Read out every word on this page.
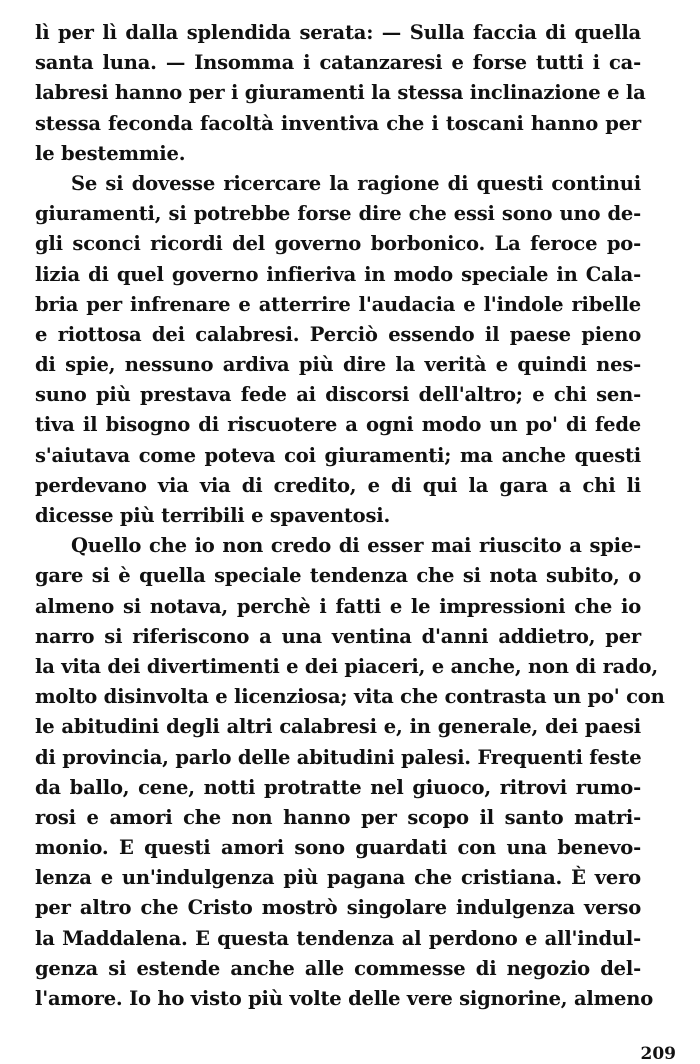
lì per lì dalla splendida serata: — Sulla faccia di quella
santa luna. — Insomma i catanzaresi e forse tutti i ca-
labresi hanno per i giuramenti la stessa inclinazione e la
stessa feconda facoltà inventiva che i toscani hanno per
le bestemmie.
Se si dovesse ricercare la ragione di questi continui
giuramenti, si potrebbe forse dire che essi sono uno de-
gli sconci ricordi del governo borbonico. La feroce po-
lizia di quel governo infieriva in modo speciale in Cala-
bria per infrenare e atterrire l'audacia e l'indole ribelle
e riottosa dei calabresi. Perciò essendo il paese pieno
di spie, nessuno ardiva più dire la verità e quindi nes-
suno più prestava fede ai discorsi dell'altro; e chi sen-
tiva il bisogno di riscuotere a ogni modo un po' di fede
s'aiutava come poteva coi giuramenti; ma anche questi
perdevano via via di credito, e di qui la gara a chi li
dicesse più terribili e spaventosi.
Quello che io non credo di esser mai riuscito a spie-
gare si è quella speciale tendenza che si nota subito, o
almeno si notava, perchè i fatti e le impressioni che io
narro si riferiscono a una ventina d'anni addietro, per
la vita dei divertimenti e dei piaceri, e anche, non di rado,
molto disinvolta e licenziosa; vita che contrasta un po' con
le abitudini degli altri calabresi e, in generale, dei paesi
di provincia, parlo delle abitudini palesi. Frequenti feste
da ballo, cene, notti protratte nel giuoco, ritrovi rumo-
rosi e amori che non hanno per scopo il santo matri-
monio. E questi amori sono guardati con una benevo-
lenza e un'indulgenza più pagana che cristiana. È vero
per altro che Cristo mostrò singolare indulgenza verso
la Maddalena. E questa tendenza al perdono e all'indul-
genza si estende anche alle commesse di negozio del-
l'amore. Io ho visto più volte delle vere signorine, almeno
209
